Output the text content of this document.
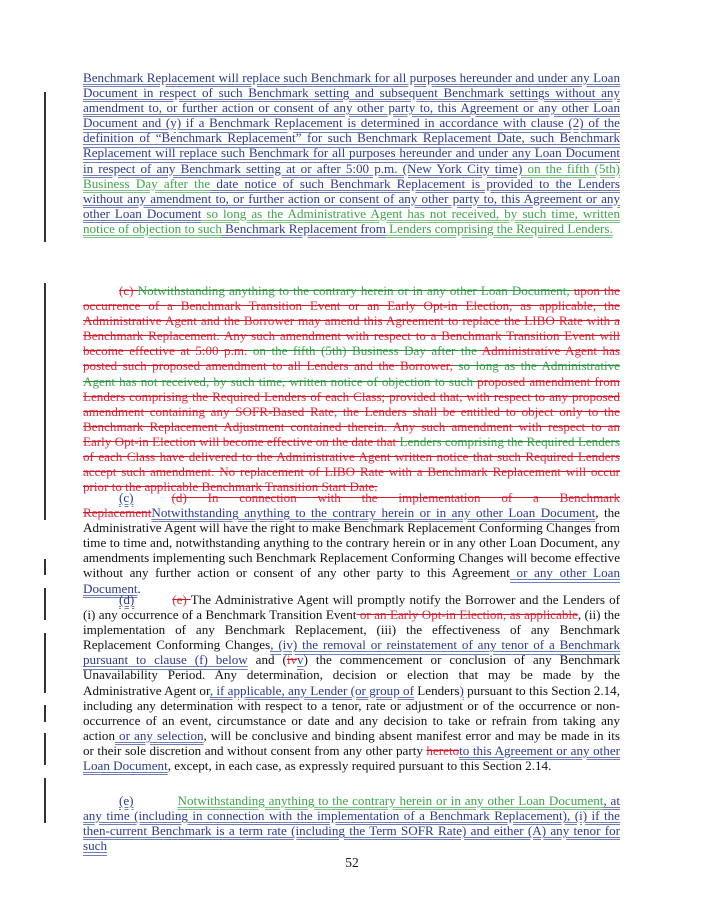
Benchmark Replacement will replace such Benchmark for all purposes hereunder and under any Loan Document in respect of such Benchmark setting and subsequent Benchmark settings without any amendment to, or further action or consent of any other party to, this Agreement or any other Loan Document and (y) if a Benchmark Replacement is determined in accordance with clause (2) of the definition of “Benchmark Replacement” for such Benchmark Replacement Date, such Benchmark Replacement will replace such Benchmark for all purposes hereunder and under any Loan Document in respect of any Benchmark setting at or after 5:00 p.m. (New York City time) on the fifth (5th) Business Day after the date notice of such Benchmark Replacement is provided to the Lenders without any amendment to, or further action or consent of any other party to, this Agreement or any other Loan Document so long as the Administrative Agent has not received, by such time, written notice of objection to such Benchmark Replacement from Lenders comprising the Required Lenders.
(c) Notwithstanding anything to the contrary herein or in any other Loan Document, upon the occurrence of a Benchmark Transition Event or an Early Opt-in Election, as applicable, the Administrative Agent and the Borrower may amend this Agreement to replace the LIBO Rate with a Benchmark Replacement. Any such amendment with respect to a Benchmark Transition Event will become effective at 5:00 p.m. on the fifth (5th) Business Day after the Administrative Agent has posted such proposed amendment to all Lenders and the Borrower, so long as the Administrative Agent has not received, by such time, written notice of objection to such proposed amendment from Lenders comprising the Required Lenders of each Class; provided that, with respect to any proposed amendment containing any SOFR-Based Rate, the Lenders shall be entitled to object only to the Benchmark Replacement Adjustment contained therein. Any such amendment with respect to an Early Opt-in Election will become effective on the date that Lenders comprising the Required Lenders of each Class have delivered to the Administrative Agent written notice that such Required Lenders accept such amendment. No replacement of LIBO Rate with a Benchmark Replacement will occur prior to the applicable Benchmark Transition Start Date.
(c)	(d) In connection with the implementation of a Benchmark ReplacementNotwithstanding anything to the contrary herein or in any other Loan Document, the Administrative Agent will have the right to make Benchmark Replacement Conforming Changes from time to time and, notwithstanding anything to the contrary herein or in any other Loan Document, any amendments implementing such Benchmark Replacement Conforming Changes will become effective without any further action or consent of any other party to this Agreement or any other Loan Document.
(d)	(e) The Administrative Agent will promptly notify the Borrower and the Lenders of (i) any occurrence of a Benchmark Transition Event or an Early Opt-in Election, as applicable, (ii) the implementation of any Benchmark Replacement, (iii) the effectiveness of any Benchmark Replacement Conforming Changes, (iv) the removal or reinstatement of any tenor of a Benchmark pursuant to clause (f) below and (ivv) the commencement or conclusion of any Benchmark Unavailability Period. Any determination, decision or election that may be made by the Administrative Agent or, if applicable, any Lender (or group of Lenders) pursuant to this Section 2.14, including any determination with respect to a tenor, rate or adjustment or of the occurrence or non-occurrence of an event, circumstance or date and any decision to take or refrain from taking any action or any selection, will be conclusive and binding absent manifest error and may be made in its or their sole discretion and without consent from any other party heretoto this Agreement or any other Loan Document, except, in each case, as expressly required pursuant to this Section 2.14.
(e)	Notwithstanding anything to the contrary herein or in any other Loan Document, at any time (including in connection with the implementation of a Benchmark Replacement), (i) if the then-current Benchmark is a term rate (including the Term SOFR Rate) and either (A) any tenor for such
52
